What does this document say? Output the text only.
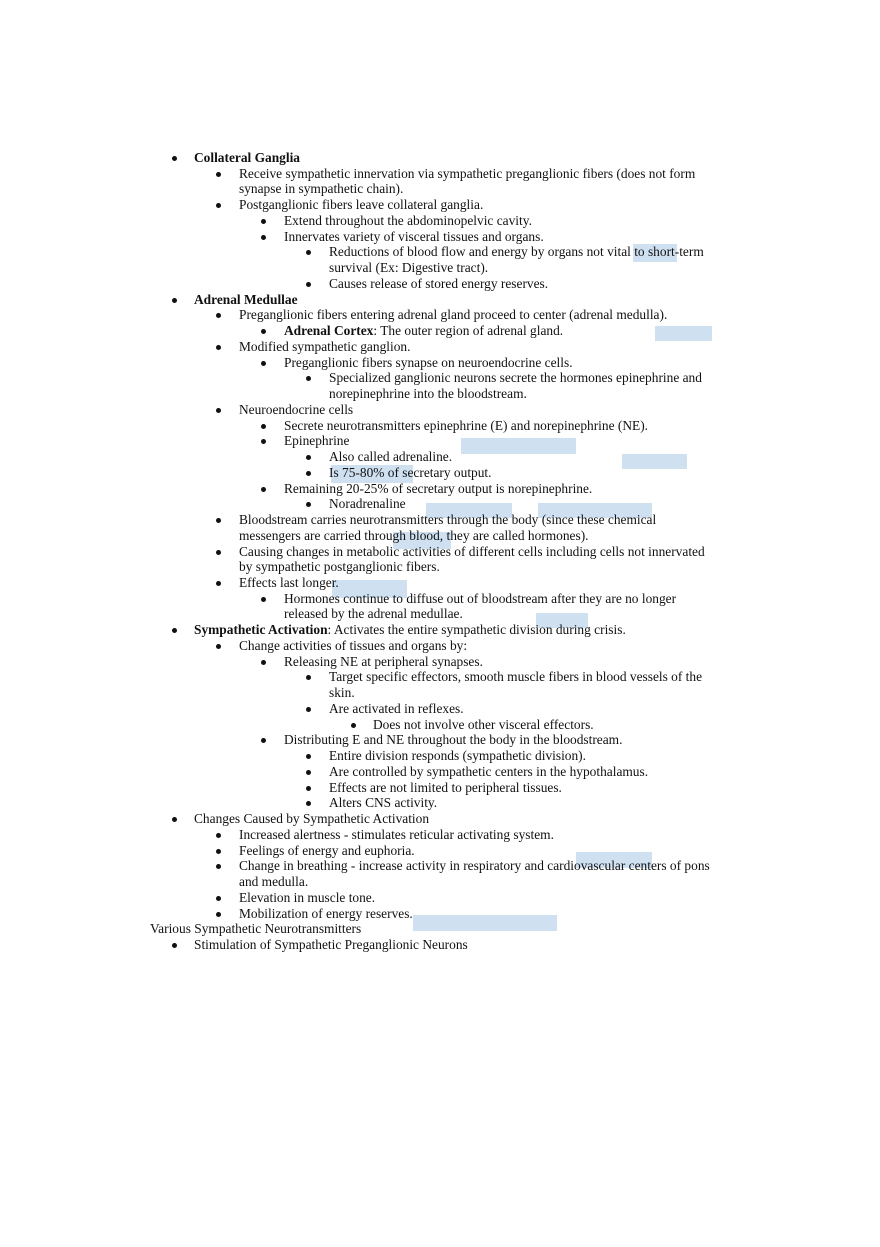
Collateral Ganglia
Receive sympathetic innervation via sympathetic preganglionic fibers (does not form
synapse in sympathetic chain).
Postganglionic fibers leave collateral ganglia.
Extend throughout the abdominopelvic cavity.
Innervates variety of visceral tissues and organs.
Reductions of blood flow and energy by organs not vital to short-term
survival (Ex: Digestive tract).
Causes release of stored energy reserves.
Adrenal Medullae
Preganglionic fibers entering adrenal gland proceed to center (adrenal medulla).
Adrenal Cortex: The outer region of adrenal gland.
Modified sympathetic ganglion.
Preganglionic fibers synapse on neuroendocrine cells.
Specialized ganglionic neurons secrete the hormones epinephrine and
norepinephrine into the bloodstream.
Neuroendocrine cells
Secrete neurotransmitters epinephrine (E) and norepinephrine (NE).
Epinephrine
Also called adrenaline.
Is 75-80% of secretary output.
Remaining 20-25% of secretary output is norepinephrine.
Noradrenaline
Bloodstream carries neurotransmitters through the body (since these chemical
messengers are carried through blood, they are called hormones).
Causing changes in metabolic activities of different cells including cells not innervated
by sympathetic postganglionic fibers.
Effects last longer.
Hormones continue to diffuse out of bloodstream after they are no longer
released by the adrenal medullae.
Sympathetic Activation: Activates the entire sympathetic division during crisis.
Change activities of tissues and organs by:
Releasing NE at peripheral synapses.
Target specific effectors, smooth muscle fibers in blood vessels of the
skin.
Are activated in reflexes.
Does not involve other visceral effectors.
Distributing E and NE throughout the body in the bloodstream.
Entire division responds (sympathetic division).
Are controlled by sympathetic centers in the hypothalamus.
Effects are not limited to peripheral tissues.
Alters CNS activity.
Changes Caused by Sympathetic Activation
Increased alertness - stimulates reticular activating system.
Feelings of energy and euphoria.
Change in breathing - increase activity in respiratory and cardiovascular centers of pons
and medulla.
Elevation in muscle tone.
Mobilization of energy reserves.
Various Sympathetic Neurotransmitters
Stimulation of Sympathetic Preganglionic Neurons
